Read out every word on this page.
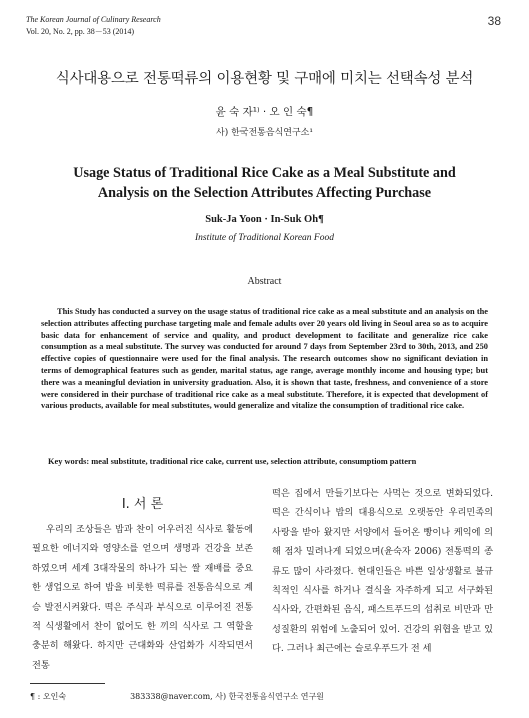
The Korean Journal of Culinary Research
Vol. 20, No. 2, pp. 38－53 (2014)
38
식사대용으로 전통떡류의 이용현황 및 구매에 미치는 선택속성 분석
윤 숙 자¹⁾ · 오 인 숙¶
사) 한국전통음식연구소¹
Usage Status of Traditional Rice Cake as a Meal Substitute and
Analysis on the Selection Attributes Affecting Purchase
Suk-Ja Yoon · In-Suk Oh¶
Institute of Traditional Korean Food
Abstract

This Study has conducted a survey on the usage status of traditional rice cake as a meal substitute and an analysis on the selection attributes affecting purchase targeting male and female adults over 20 years old living in Seoul area so as to acquire basic data for enhancement of service and quality, and product development to facilitate and generalize rice cake consumption as a meal substitute. The survey was conducted for around 7 days from September 23rd to 30th, 2013, and 250 effective copies of questionnaire were used for the final analysis. The research outcomes show no significant deviation in terms of demographical features such as gender, marital status, age range, average monthly income and housing type; but there was a meaningful deviation in university graduation. Also, it is shown that taste, freshness, and convenience of a store were considered in their purchase of traditional rice cake as a meal substitute. Therefore, it is expected that development of various products, available for meal substitutes, would generalize and vitalize the consumption of traditional rice cake.

Key words: meal substitute, traditional rice cake, current use, selection attribute, consumptiom pattern

Ⅰ. 서 론

우리의 조상들은 밥과 찬이 어우러진 식사로 활동에 필요한 에너지와 영양소를 얻으며 생명과 건강을 보존 하였으며 세계 3대작물의 하나가 되는 쌀 재배를 중요한 생업으로 하여 밥을 비롯한 떡류를 전통음식으로 계승 발전시켜왔다. 떡은 주식과 부식으로 이루어진 전통적 식생활에서 찬이 없어도 한 끼의 식사로 그 역할을 충분히 해왔다. 하지만 근대화와 산업화가 시작되면서 전통

떡은 집에서 만들기보다는 사먹는 것으로 변화되었다. 떡은 간식이나 밥의 대용식으로 오랫동안 우리민족의 사랑을 받아 왔지만 서양에서 들어온 빵이나 케익에 의해 점차 밀려나게 되었으며(윤숙자 2006) 전통떡의 종류도 많이 사라졌다. 현대인들은 바쁜 일상생활로 불규칙적인 식사를 하거나 결식을 자주하게 되고 서구화된 식사와, 간편화된 음식, 패스트푸드의 섭취로 비만과 만성질환의 위험에 노출되어 있어. 건강의 위협을 받고 있다. 그러나 최근에는 슬로우푸드가 전 세

¶ : 오인숙	383338@naver.com, 사) 한국전통음식연구소 연구원
